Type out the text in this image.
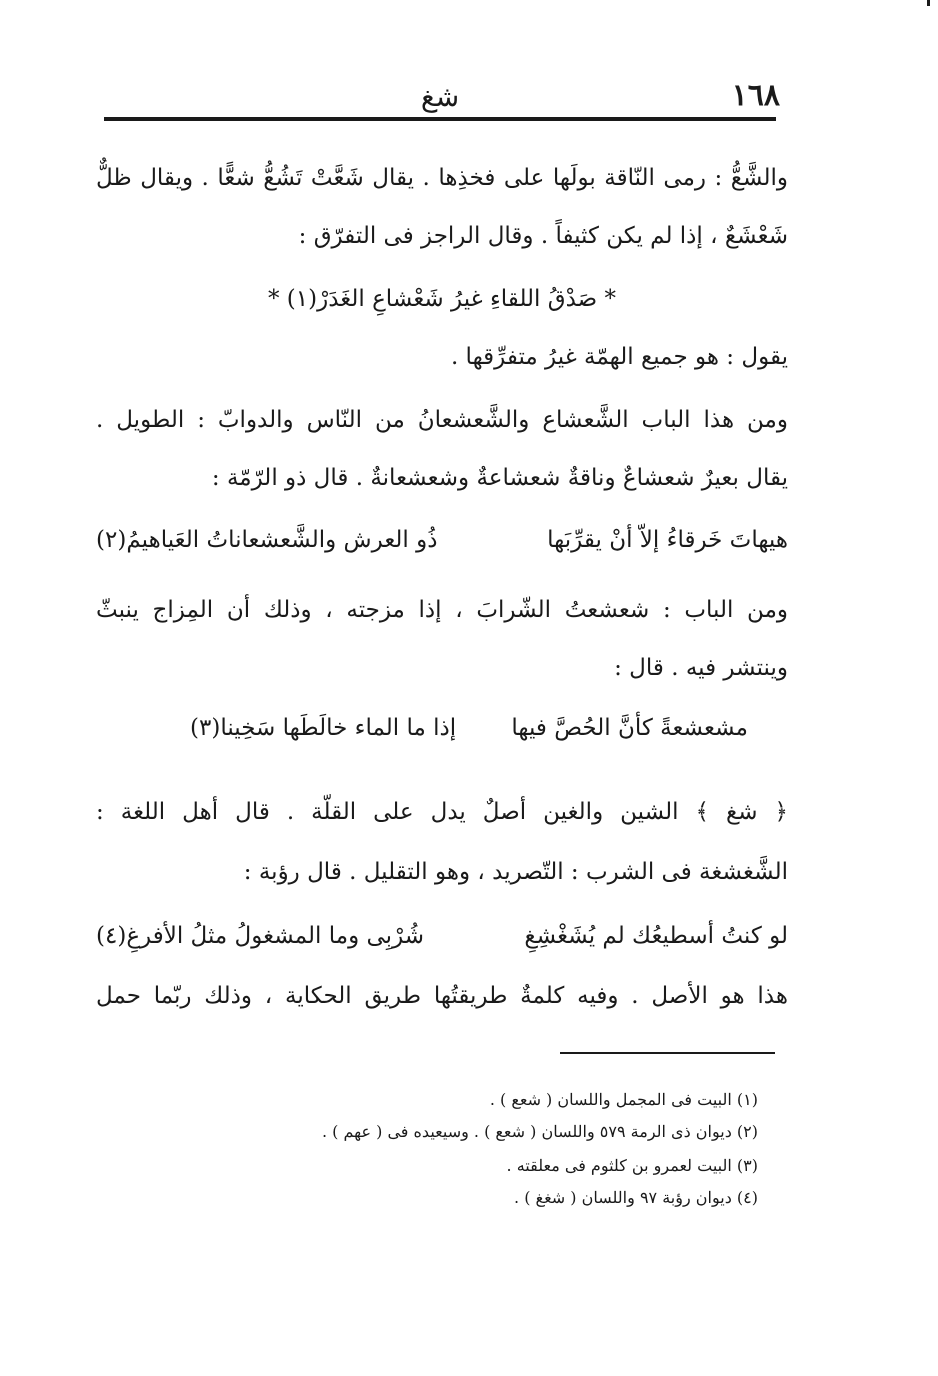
١٦٨
شغ
والشَّعُّ : رمى النّاقة بولَها على فخذِها . يقال شَعَّتْ تَشُعُّ شعًّا . ويقال ظلٌّ
شَعْشَعٌ ، إذا لم يكن كثيفاً . وقال الراجز فى التفرّق :
* صَدْقُ اللقاءِ غيرُ شَعْشاعِ الغَدَرْ(١) *
يقول : هو جميع الهمّة غيرُ متفرِّقها .
ومن هذا الباب الشَّعشاع والشَّعشعانُ من النّاس والدوابّ : الطويل .
يقال بعيرٌ شعشاعٌ وناقةٌ شعشاعةٌ وشعشعانةٌ . قال ذو الرّمّة :
هيهاتَ خَرقاءُ إلاّ أنْ يقرِّبَها
ذُو العرش والشَّعشعاناتُ العَياهيمُ(٢)
ومن الباب : شعشعتُ الشّرابَ ، إذا مزجته ، وذلك أن المِزاج ينبثّ
وينتشر فيه . قال :
مشعشعةً كأنَّ الحُصَّ فيها
إذا ما الماء خالَطَها سَخِينا(٣)
﴿ شغ ﴾ الشين والغين أصلٌ يدل على القلّة . قال أهل اللغة :
الشَّغشغة فى الشرب : التّصريد ، وهو التقليل . قال رؤبة :
لو كنتُ أسطيعُك لم يُشَغْشِغِ
شُرْبِى وما المشغولُ مثلُ الأفرغِ(٤)
هذا هو الأصل . وفيه كلمةٌ طريقتُها طريق الحكاية ، وذلك ربّما حمل
(١) البيت فى المجمل واللسان ( شعع ) .
(٢) ديوان ذى الرمة ٥٧٩ واللسان ( شعع ) . وسيعيده فى ( عهم ) .
(٣) البيت لعمرو بن كلثوم فى معلقته .
(٤) ديوان رؤبة ٩٧ واللسان ( شغغ ) .
